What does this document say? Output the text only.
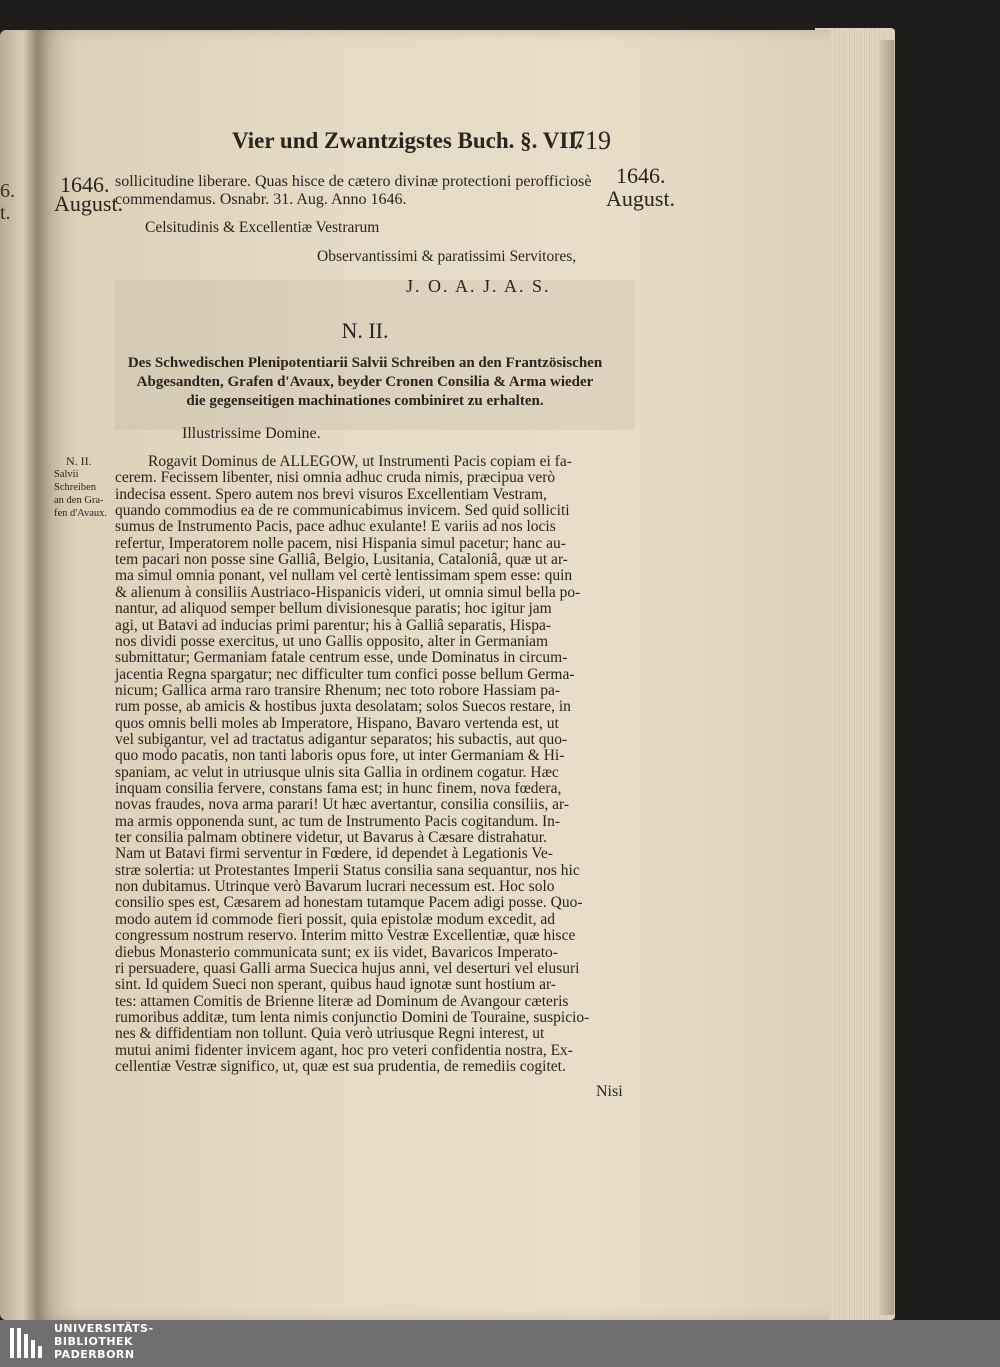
6.
t.
Vier und Zwantzigstes Buch. §. VII.
719
1646.
August.
1646.
August.
sollicitudine liberare. Quas hisce de cætero divinæ protectioni perofficiosè
commendamus. Osnabr. 31. Aug. Anno 1646.
Celsitudinis & Excellentiæ Vestrarum
Observantissimi & paratissimi Servitores,
J. O. A. J. A. S.
N. II.
Des Schwedischen Plenipotentiarii Salvii Schreiben an den Frantzösischen
Abgesandten, Grafen d'Avaux, beyder Cronen Consilia & Arma wieder
die gegenseitigen machinationes combiniret zu erhalten.
Illustrissime Domine.
N. II.
Salvii
Schreiben
an den Gra-
fen d'Avaux.
Rogavit Dominus de ALLEGOW, ut Instrumenti Pacis copiam ei fa-
cerem. Fecissem libenter, nisi omnia adhuc cruda nimis, præcipua verò
indecisa essent. Spero autem nos brevi visuros Excellentiam Vestram,
quando commodius ea de re communicabimus invicem. Sed quid solliciti
sumus de Instrumento Pacis, pace adhuc exulante! E variis ad nos locis
refertur, Imperatorem nolle pacem, nisi Hispania simul pacetur; hanc au-
tem pacari non posse sine Galliâ, Belgio, Lusitania, Cataloniâ, quæ ut ar-
ma simul omnia ponant, vel nullam vel certè lentissimam spem esse: quin
& alienum à consiliis Austriaco-Hispanicis videri, ut omnia simul bella po-
nantur, ad aliquod semper bellum divisionesque paratis; hoc igitur jam
agi, ut Batavi ad inducias primi parentur; his à Galliâ separatis, Hispa-
nos dividi posse exercitus, ut uno Gallis opposito, alter in Germaniam
submittatur; Germaniam fatale centrum esse, unde Dominatus in circum-
jacentia Regna spargatur; nec difficulter tum confici posse bellum Germa-
nicum; Gallica arma raro transire Rhenum; nec toto robore Hassiam pa-
rum posse, ab amicis & hostibus juxta desolatam; solos Suecos restare, in
quos omnis belli moles ab Imperatore, Hispano, Bavaro vertenda est, ut
vel subigantur, vel ad tractatus adigantur separatos; his subactis, aut quo-
quo modo pacatis, non tanti laboris opus fore, ut inter Germaniam & Hi-
spaniam, ac velut in utriusque ulnis sita Gallia in ordinem cogatur. Hæc
inquam consilia fervere, constans fama est; in hunc finem, nova fœdera,
novas fraudes, nova arma parari! Ut hæc avertantur, consilia consiliis, ar-
ma armis opponenda sunt, ac tum de Instrumento Pacis cogitandum. In-
ter consilia palmam obtinere videtur, ut Bavarus à Cæsare distrahatur.
Nam ut Batavi firmi serventur in Fœdere, id dependet à Legationis Ve-
stræ solertia: ut Protestantes Imperii Status consilia sana sequantur, nos hic
non dubitamus. Utrinque verò Bavarum lucrari necessum est. Hoc solo
consilio spes est, Cæsarem ad honestam tutamque Pacem adigi posse. Quo-
modo autem id commode fieri possit, quia epistolæ modum excedit, ad
congressum nostrum reservo. Interim mitto Vestræ Excellentiæ, quæ hisce
diebus Monasterio communicata sunt; ex iis videt, Bavaricos Imperato-
ri persuadere, quasi Galli arma Suecica hujus anni, vel deserturi vel elusuri
sint. Id quidem Sueci non sperant, quibus haud ignotæ sunt hostium ar-
tes: attamen Comitis de Brienne literæ ad Dominum de Avangour cæteris
rumoribus additæ, tum lenta nimis conjunctio Domini de Touraine, suspicio-
nes & diffidentiam non tollunt. Quia verò utriusque Regni interest, ut
mutui animi fidenter invicem agant, hoc pro veteri confidentia nostra, Ex-
cellentiæ Vestræ significo, ut, quæ est sua prudentia, de remediis cogitet.
Nisi
UNIVERSITÄTS-
BIBLIOTHEK
PADERBORN
